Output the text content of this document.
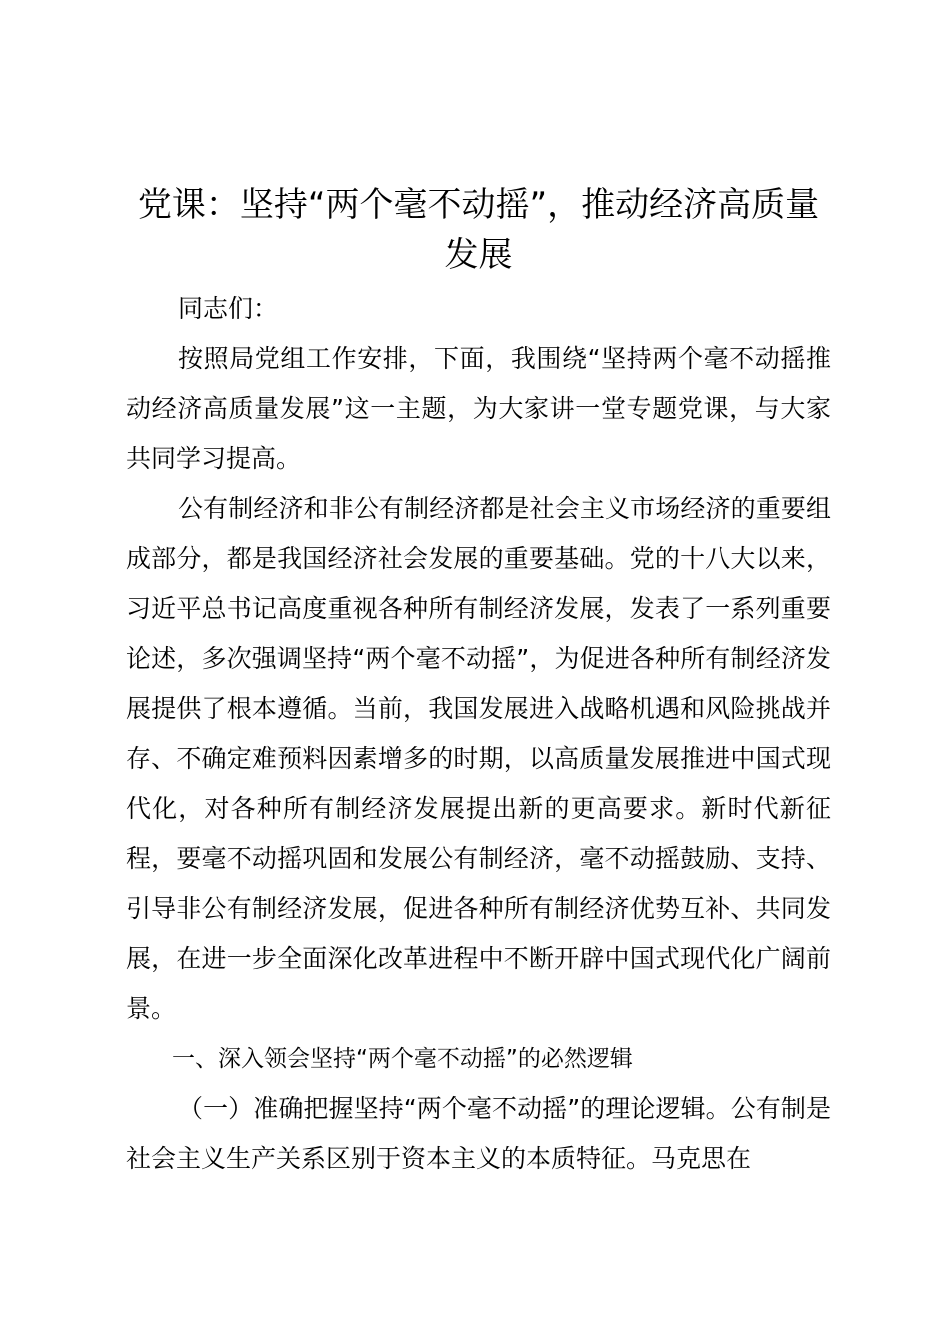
党课：坚持“两个毫不动摇”，推动经济高质量发展

同志们：

按照局党组工作安排，下面，我围绕“坚持两个毫不动摇推动经济高质量发展”这一主题，为大家讲一堂专题党课，与大家共同学习提高。

公有制经济和非公有制经济都是社会主义市场经济的重要组成部分，都是我国经济社会发展的重要基础。党的十八大以来，习近平总书记高度重视各种所有制经济发展，发表了一系列重要论述，多次强调坚持“两个毫不动摇”，为促进各种所有制经济发展提供了根本遵循。当前，我国发展进入战略机遇和风险挑战并存、不确定难预料因素增多的时期，以高质量发展推进中国式现代化，对各种所有制经济发展提出新的更高要求。新时代新征程，要毫不动摇巩固和发展公有制经济，毫不动摇鼓励、支持、引导非公有制经济发展，促进各种所有制经济优势互补、共同发展，在进一步全面深化改革进程中不断开辟中国式现代化广阔前景。

一、深入领会坚持“两个毫不动摇”的必然逻辑

（一）准确把握坚持“两个毫不动摇”的理论逻辑。公有制是社会主义生产关系区别于资本主义的本质特征。马克思在
